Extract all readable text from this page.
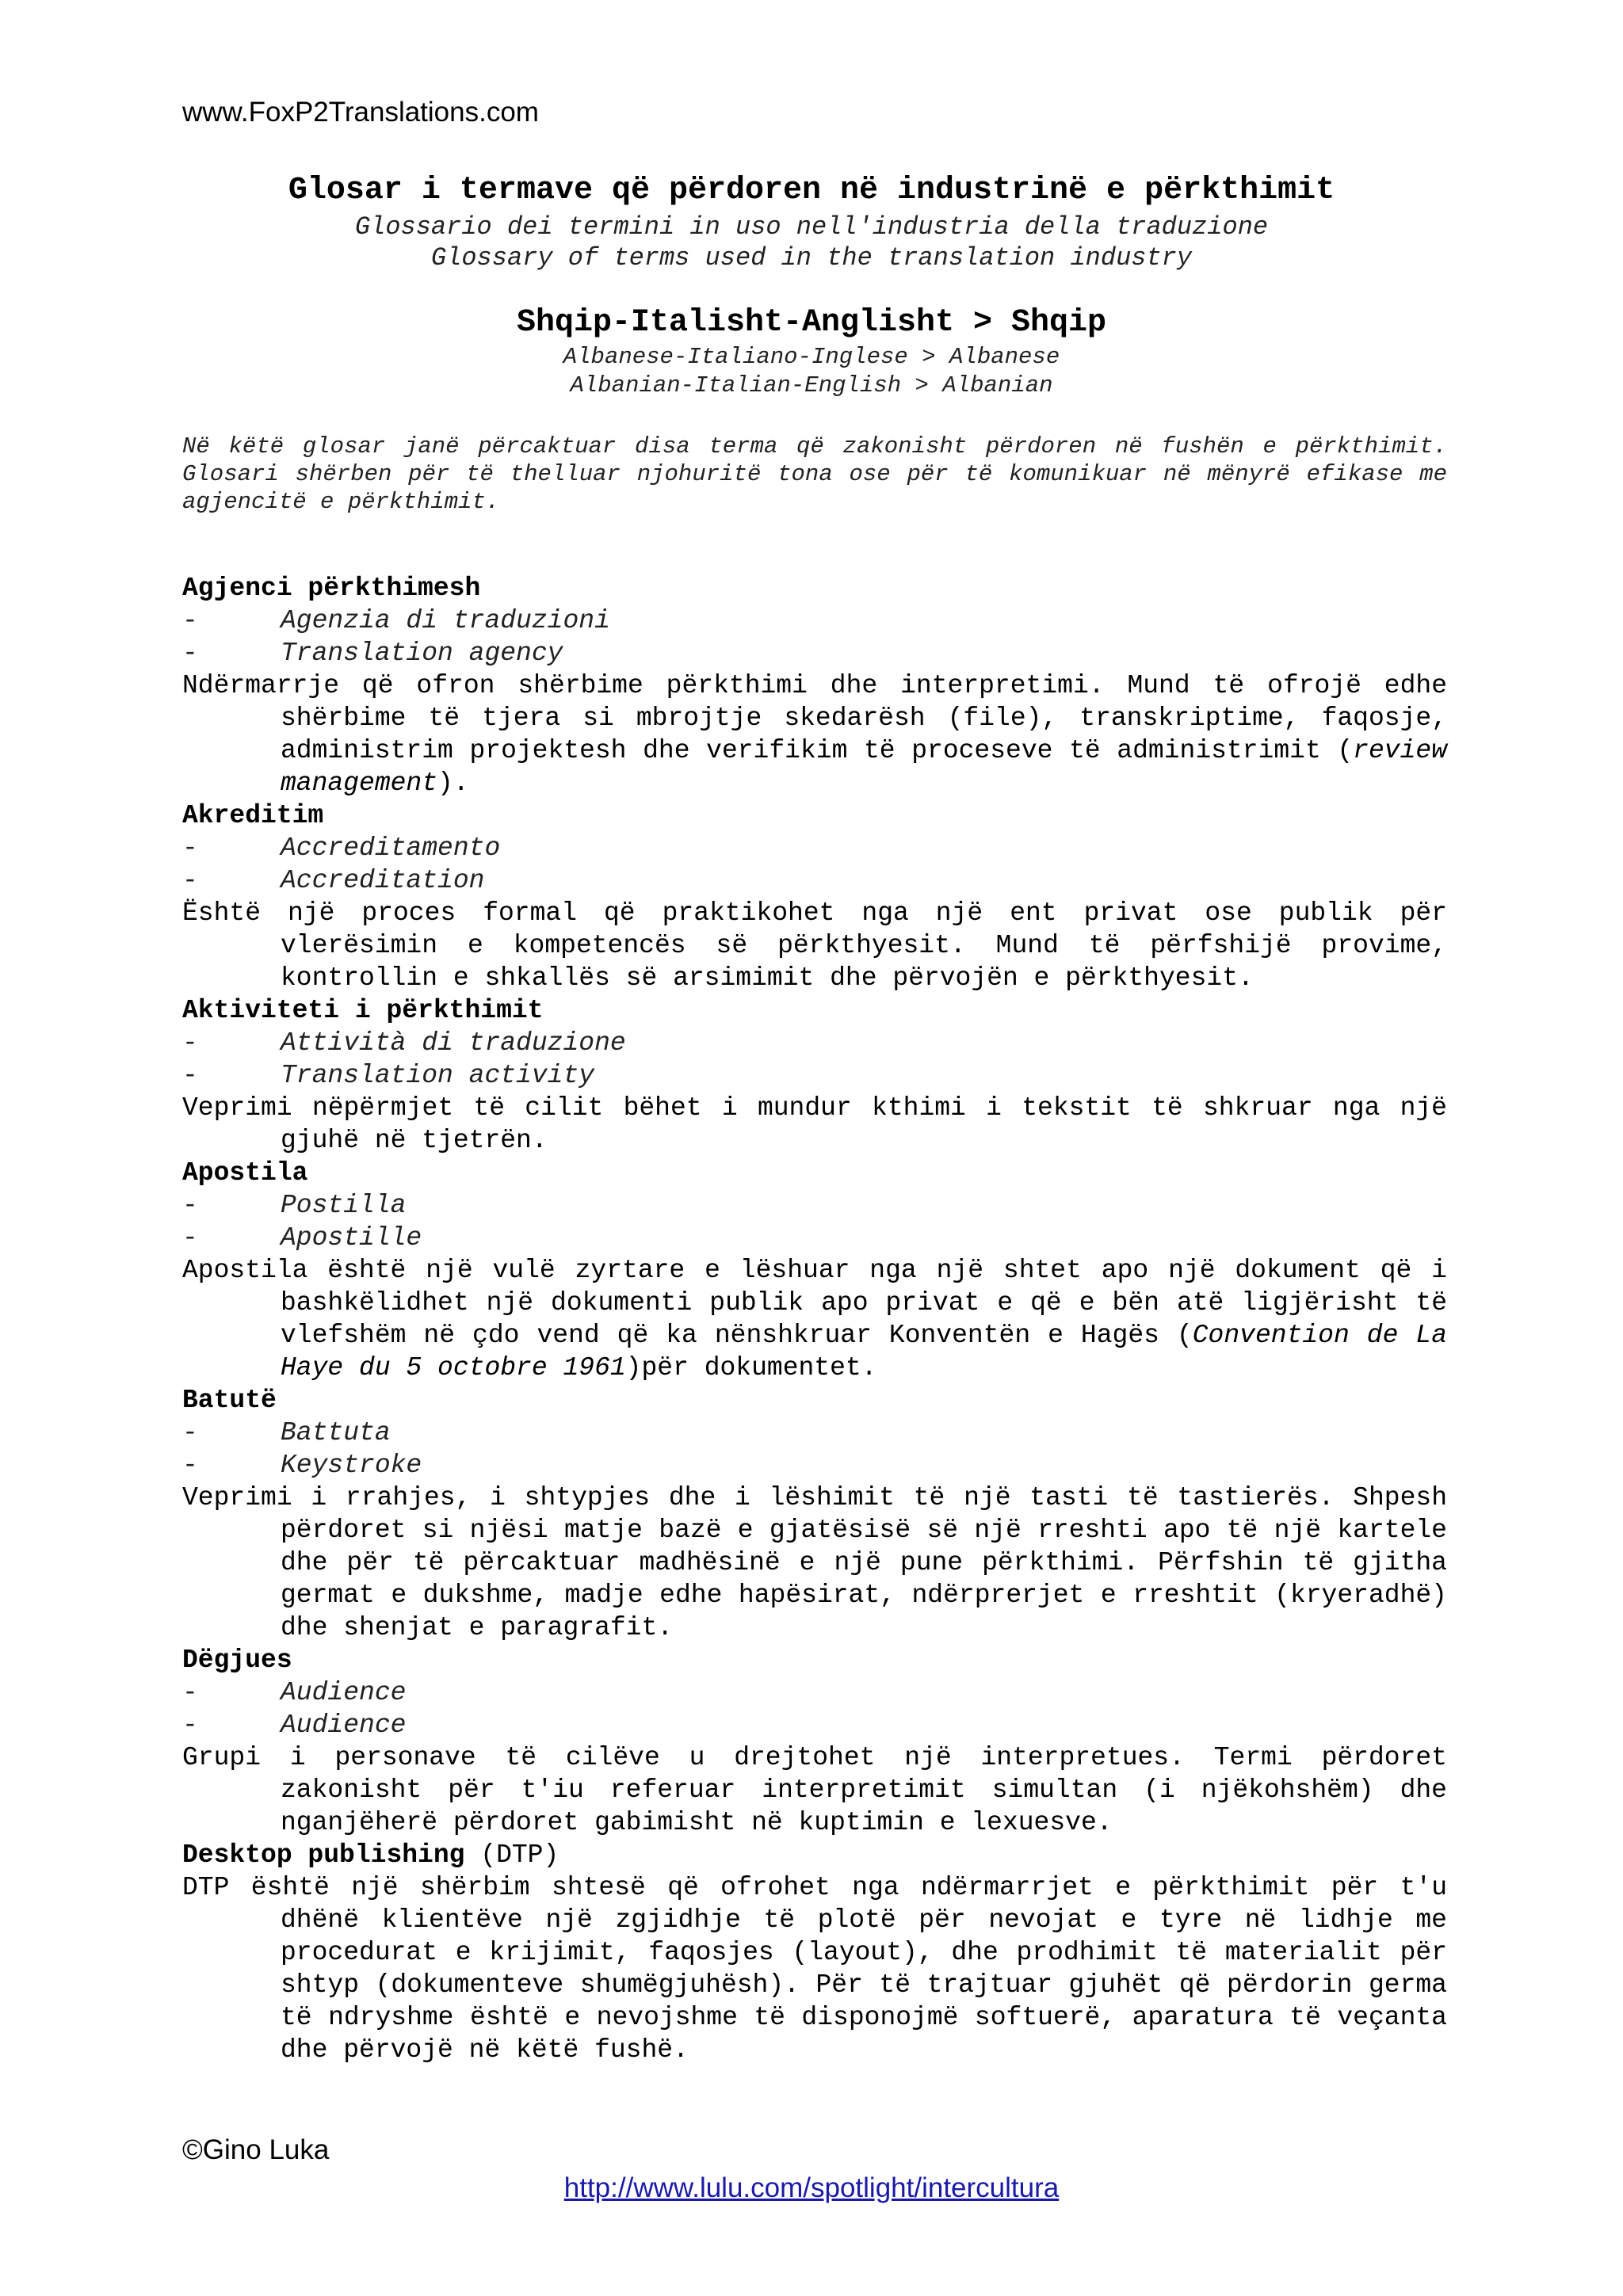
www.FoxP2Translations.com
Glosar i termave që përdoren në industrinë e përkthimit
Glossario dei termini in uso nell'industria della traduzione
Glossary of terms used in the translation industry
Shqip-Italisht-Anglisht > Shqip
Albanese-Italiano-Inglese > Albanese
Albanian-Italian-English > Albanian
Në këtë glosar janë përcaktuar disa terma që zakonisht përdoren në fushën e përkthimit. Glosari shërben për të thelluar njohuritë tona ose për të komunikuar në mënyrë efikase me agjencitë e përkthimit.
Agjenci përkthimesh
-	Agenzia di traduzioni
-	Translation agency
Ndërmarrje që ofron shërbime përkthimi dhe interpretimi. Mund të ofrojë edhe shërbime të tjera si mbrojtje skedarësh (file), transkriptime, faqosje, administrim projektesh dhe verifikim të proceseve të administrimit (review management).
Akreditim
-	Accreditamento
-	Accreditation
Është një proces formal që praktikohet nga një ent privat ose publik për vlerësimin e kompetencës së përkthyesit. Mund të përfshijë provime, kontrollin e shkallës së arsimimit dhe përvojën e përkthyesit.
Aktiviteti i përkthimit
-	Attività di traduzione
-	Translation activity
Veprimi nëpërmjet të cilit bëhet i mundur kthimi i tekstit të shkruar nga një gjuhë në tjetrën.
Apostila
-	Postilla
-	Apostille
Apostila është një vulë zyrtare e lëshuar nga një shtet apo një dokument që i bashkëlidhet një dokumenti publik apo privat e që e bën atë ligjërisht të vlefshëm në çdo vend që ka nënshkruar Konventën e Hagës (Convention de La Haye du 5 octobre 1961)për dokumentet.
Batutë
-	Battuta
-	Keystroke
Veprimi i rrahjes, i shtypjes dhe i lëshimit të një tasti të tastierës. Shpesh përdoret si njësi matje bazë e gjatësisë së një rreshti apo të një kartele dhe për të përcaktuar madhësinë e një pune përkthimi. Përfshin të gjitha germat e dukshme, madje edhe hapësirat, ndërprerjet e rreshtit (kryeradhë) dhe shenjat e paragrafit.
Dëgjues
-	Audience
-	Audience
Grupi i personave të cilëve u drejtohet një interpretues. Termi përdoret zakonisht për t'iu referuar interpretimit simultan (i njëkohshëm) dhe nganjëherë përdoret gabimisht në kuptimin e lexuesve.
Desktop publishing (DTP)
DTP është një shërbim shtesë që ofrohet nga ndërmarrjet e përkthimit për t'u dhënë klientëve një zgjidhje të plotë për nevojat e tyre në lidhje me procedurat e krijimit, faqosjes (layout), dhe prodhimit të materialit për shtyp (dokumenteve shumëgjuhësh). Për të trajtuar gjuhët që përdorin germa të ndryshme është e nevojshme të disponojmë softuerë, aparatura të veçanta dhe përvojë në këtë fushë.
©Gino Luka
http://www.lulu.com/spotlight/intercultura
